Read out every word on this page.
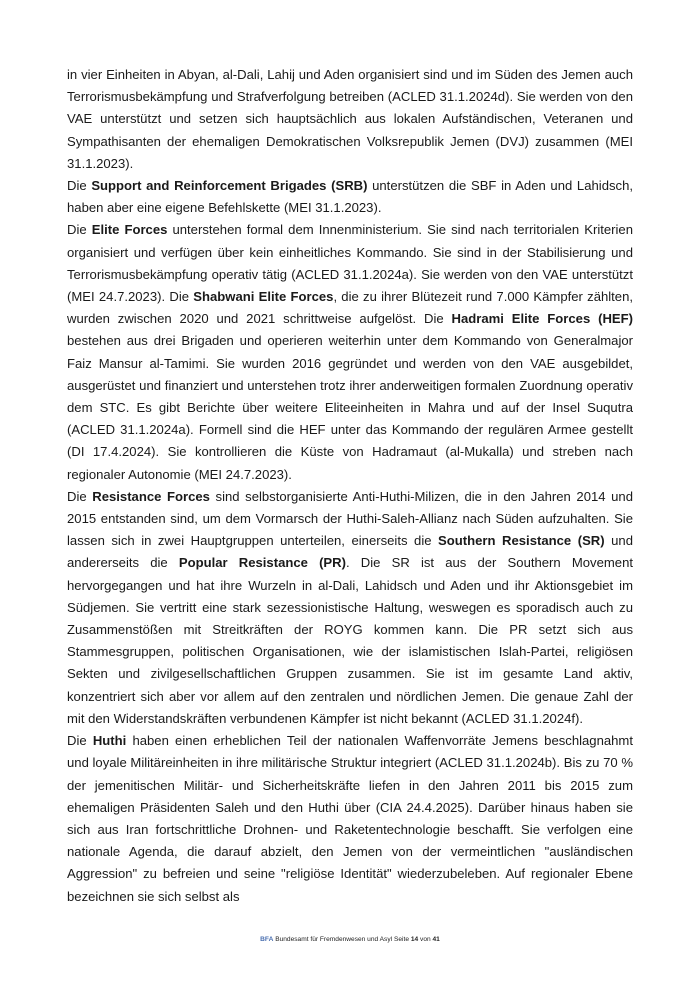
in vier Einheiten in Abyan, al-Dali, Lahij und Aden organisiert sind und im Süden des Jemen auch Terrorismusbekämpfung und Strafverfolgung betreiben (ACLED 31.1.2024d). Sie werden von den VAE unterstützt und setzen sich hauptsächlich aus lokalen Aufständischen, Veteranen und Sympathisanten der ehemaligen Demokratischen Volksrepublik Jemen (DVJ) zusammen (MEI 31.1.2023).

Die Support and Reinforcement Brigades (SRB) unterstützen die SBF in Aden und Lahidsch, haben aber eine eigene Befehlskette (MEI 31.1.2023).

Die Elite Forces unterstehen formal dem Innenministerium. Sie sind nach territorialen Kriterien organisiert und verfügen über kein einheitliches Kommando. Sie sind in der Stabilisierung und Terrorismusbekämpfung operativ tätig (ACLED 31.1.2024a). Sie werden von den VAE unterstützt (MEI 24.7.2023). Die Shabwani Elite Forces, die zu ihrer Blütezeit rund 7.000 Kämpfer zählten, wurden zwischen 2020 und 2021 schrittweise aufgelöst. Die Hadrami Elite Forces (HEF) bestehen aus drei Brigaden und operieren weiterhin unter dem Kommando von Generalmajor Faiz Mansur al-Tamimi. Sie wurden 2016 gegründet und werden von den VAE ausgebildet, ausgerüstet und finanziert und unterstehen trotz ihrer anderweitigen formalen Zuordnung operativ dem STC. Es gibt Berichte über weitere Eliteeinheiten in Mahra und auf der Insel Suqutra (ACLED 31.1.2024a). Formell sind die HEF unter das Kommando der regulären Armee gestellt (DI 17.4.2024). Sie kontrollieren die Küste von Hadramaut (al-Mukalla) und streben nach regionaler Autonomie (MEI 24.7.2023).

Die Resistance Forces sind selbstorganisierte Anti-Huthi-Milizen, die in den Jahren 2014 und 2015 entstanden sind, um dem Vormarsch der Huthi-Saleh-Allianz nach Süden aufzuhalten. Sie lassen sich in zwei Hauptgruppen unterteilen, einerseits die Southern Resistance (SR) und andererseits die Popular Resistance (PR). Die SR ist aus der Southern Movement hervorgegangen und hat ihre Wurzeln in al-Dali, Lahidsch und Aden und ihr Aktionsgebiet im Südjemen. Sie vertritt eine stark sezessionistische Haltung, weswegen es sporadisch auch zu Zusammenstößen mit Streitkräften der ROYG kommen kann. Die PR setzt sich aus Stammesgruppen, politischen Organisationen, wie der islamistischen Islah-Partei, religiösen Sekten und zivilgesellschaftlichen Gruppen zusammen. Sie ist im gesamte Land aktiv, konzentriert sich aber vor allem auf den zentralen und nördlichen Jemen. Die genaue Zahl der mit den Widerstandskräften verbundenen Kämpfer ist nicht bekannt (ACLED 31.1.2024f).

Die Huthi haben einen erheblichen Teil der nationalen Waffenvorräte Jemens beschlagnahmt und loyale Militäreinheiten in ihre militärische Struktur integriert (ACLED 31.1.2024b). Bis zu 70 % der jemenitischen Militär- und Sicherheitskräfte liefen in den Jahren 2011 bis 2015 zum ehemaligen Präsidenten Saleh und den Huthi über (CIA 24.4.2025). Darüber hinaus haben sie sich aus Iran fortschrittliche Drohnen- und Raketentechnologie beschafft. Sie verfolgen eine nationale Agenda, die darauf abzielt, den Jemen von der vermeintlichen "ausländischen Aggression" zu befreien und seine "religiöse Identität" wiederzubeleben. Auf regionaler Ebene bezeichnen sie sich selbst als

BFA Bundesamt für Fremdenwesen und Asyl Seite 14 von 41
